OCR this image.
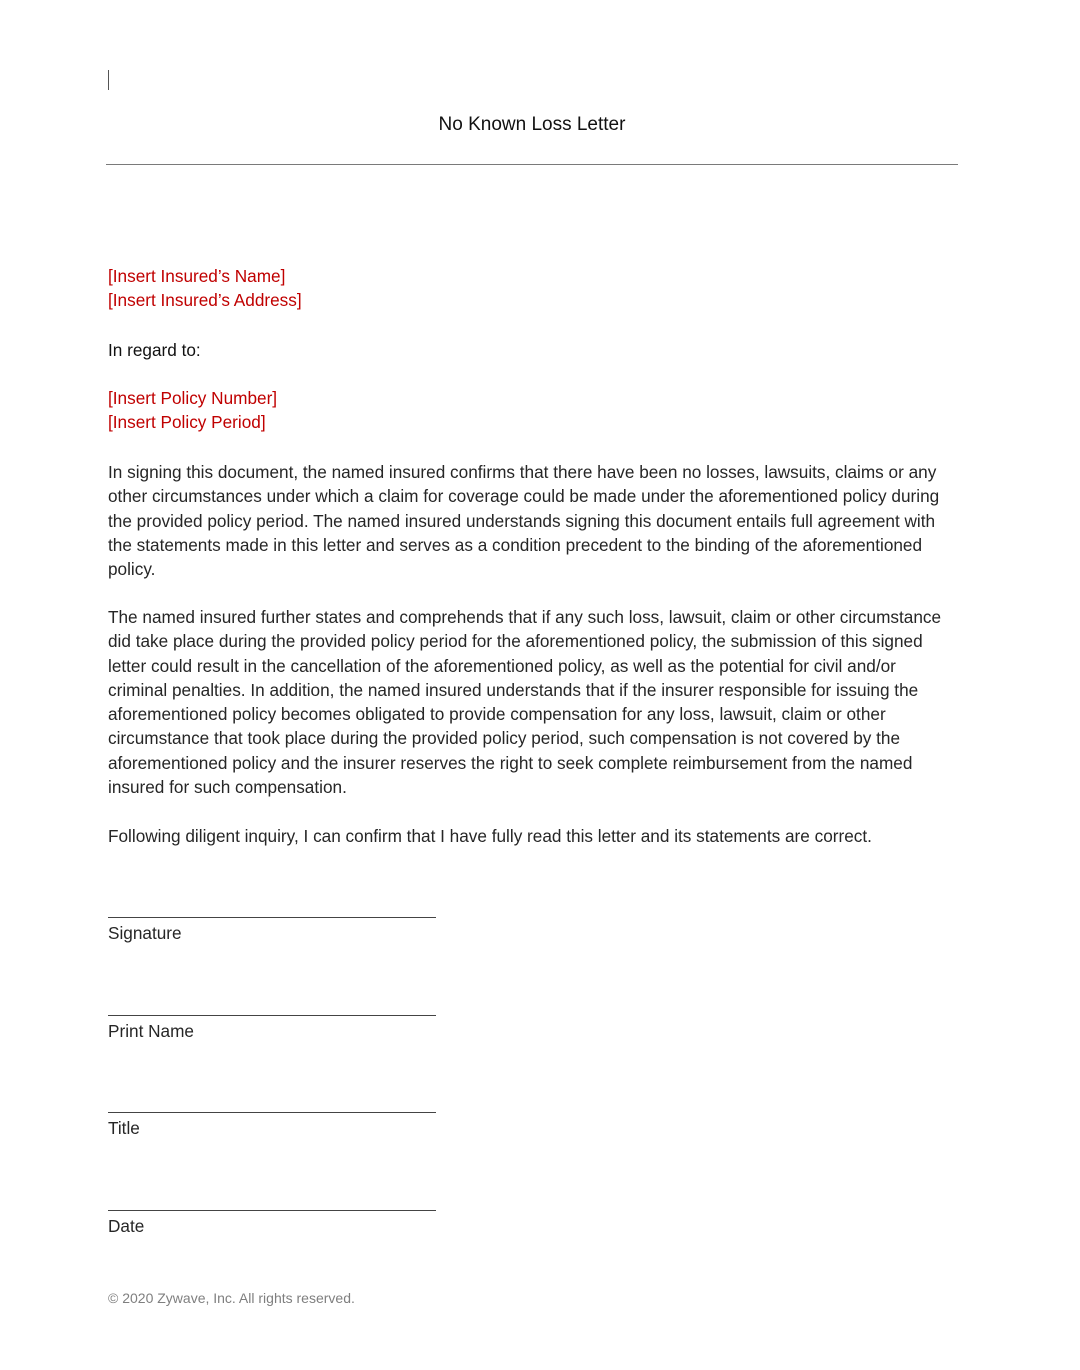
No Known Loss Letter
[Insert Insured’s Name]
[Insert Insured’s Address]
In regard to:
[Insert Policy Number]
[Insert Policy Period]

In signing this document, the named insured confirms that there have been no losses, lawsuits, claims or any other circumstances under which a claim for coverage could be made under the aforementioned policy during the provided policy period. The named insured understands signing this document entails full agreement with the statements made in this letter and serves as a condition precedent to the binding of the aforementioned policy.

The named insured further states and comprehends that if any such loss, lawsuit, claim or other circumstance did take place during the provided policy period for the aforementioned policy, the submission of this signed letter could result in the cancellation of the aforementioned policy, as well as the potential for civil and/or criminal penalties. In addition, the named insured understands that if the insurer responsible for issuing the aforementioned policy becomes obligated to provide compensation for any loss, lawsuit, claim or other circumstance that took place during the provided policy period, such compensation is not covered by the aforementioned policy and the insurer reserves the right to seek complete reimbursement from the named insured for such compensation.

Following diligent inquiry, I can confirm that I have fully read this letter and its statements are correct.

Signature
Print Name
Title
Date
© 2020 Zywave, Inc. All rights reserved.
